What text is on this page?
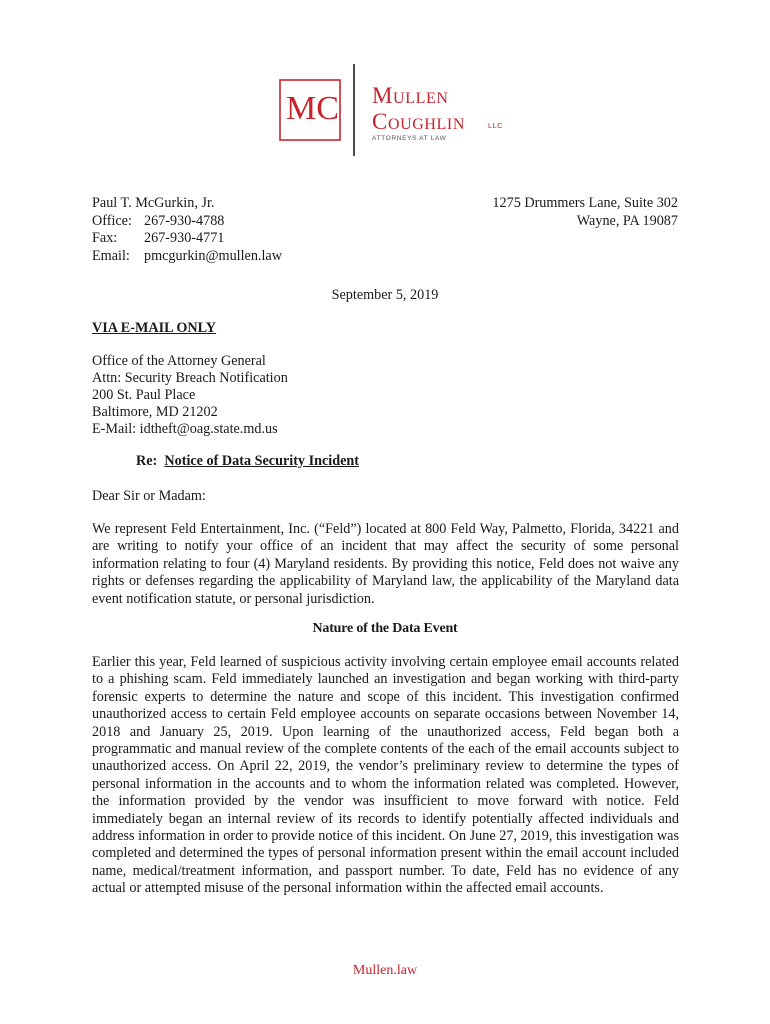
MC Mullen
Coughlin	LLC
ATTORNEYS AT LAW
Paul T. McGurkin, Jr.
Office: 267-930-4788
Fax: 267-930-4771
Email: pmcgurkin@mullen.law
1275 Drummers Lane, Suite 302
Wayne, PA 19087
September 5, 2019
VIA E-MAIL ONLY
Office of the Attorney General
Attn: Security Breach Notification
200 St. Paul Place
Baltimore, MD 21202
E-Mail: idtheft@oag.state.md.us
Re: Notice of Data Security Incident
Dear Sir or Madam:
We represent Feld Entertainment, Inc. (“Feld”) located at 800 Feld Way, Palmetto, Florida, 34221 and are writing to notify your office of an incident that may affect the security of some personal information relating to four (4) Maryland residents. By providing this notice, Feld does not waive any rights or defenses regarding the applicability of Maryland law, the applicability of the Maryland data event notification statute, or personal jurisdiction.
Nature of the Data Event
Earlier this year, Feld learned of suspicious activity involving certain employee email accounts related to a phishing scam. Feld immediately launched an investigation and began working with third-party forensic experts to determine the nature and scope of this incident. This investigation confirmed unauthorized access to certain Feld employee accounts on separate occasions between November 14, 2018 and January 25, 2019. Upon learning of the unauthorized access, Feld began both a programmatic and manual review of the complete contents of the each of the email accounts subject to unauthorized access. On April 22, 2019, the vendor’s preliminary review to determine the types of personal information in the accounts and to whom the information related was completed. However, the information provided by the vendor was insufficient to move forward with notice. Feld immediately began an internal review of its records to identify potentially affected individuals and address information in order to provide notice of this incident. On June 27, 2019, this investigation was completed and determined the types of personal information present within the email account included name, medical/treatment information, and passport number. To date, Feld has no evidence of any actual or attempted misuse of the personal information within the affected email accounts.
Mullen.law
